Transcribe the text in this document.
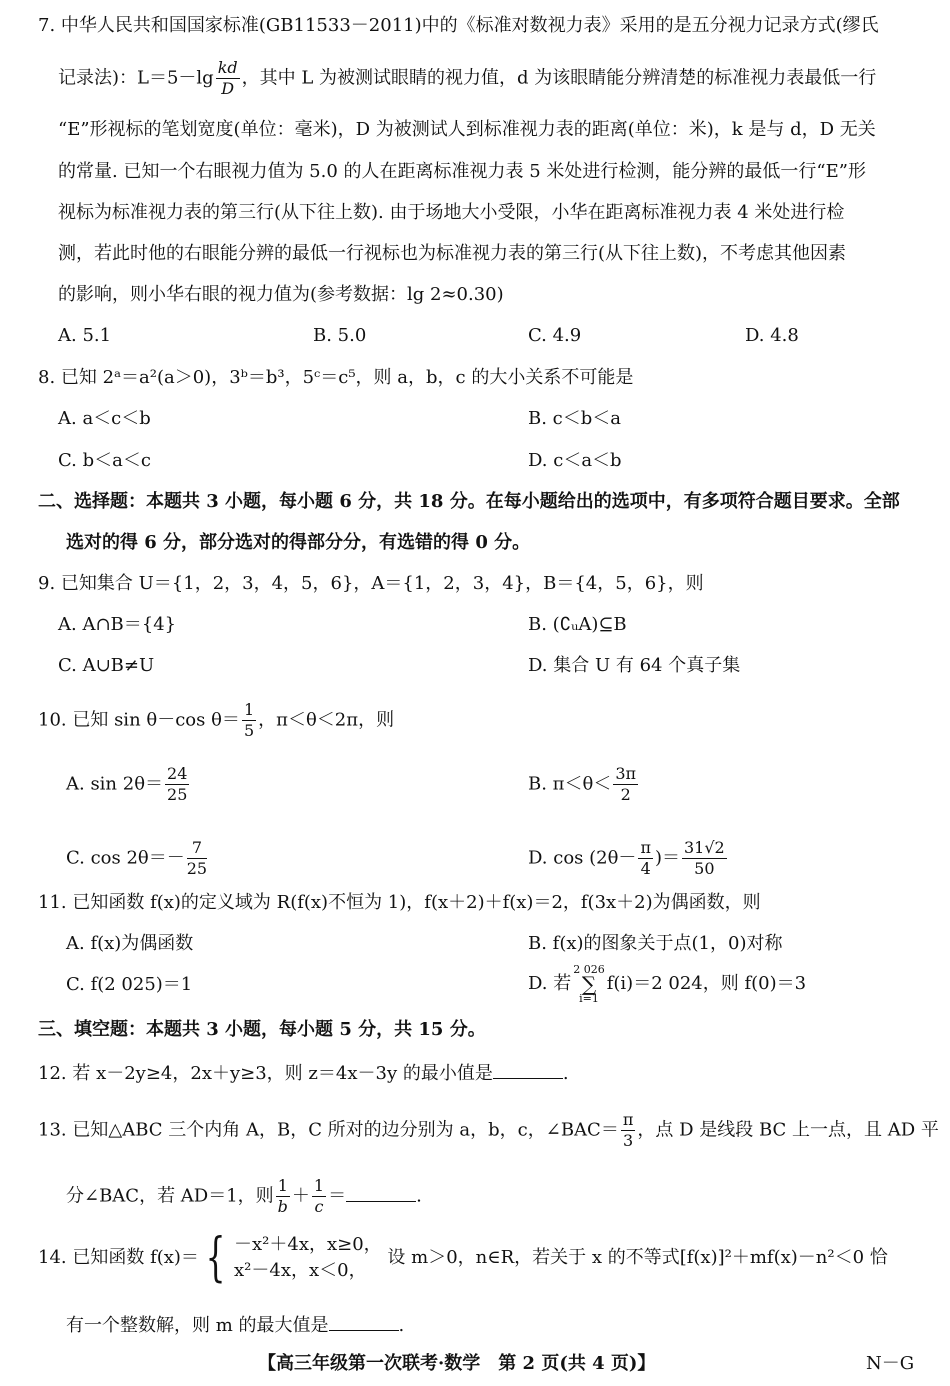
7. 中华人民共和国国家标准(GB11533－2011)中的《标准对数视力表》采用的是五分视力记录方式(缪氏
记录法)：$L=5-\lg \frac{kd}{D}$ ，其中 L 为被测试眼睛的视力值，d 为该眼睛能分辨清楚的标准视力表最低一行
“E”形视标的笔划宽度(单位：毫米)，D 为被测试人到标准视力表的距离(单位：米)，k 是与 d，D 无关
的常量. 已知一个右眼视力值为 5.0 的人在距离标准视力表 5 米处进行检测，能分辨的最低一行“E”形
视标为标准视力表的第三行(从下往上数). 由于场地大小受限，小华在距离标准视力表 4 米处进行检
测，若此时他的右眼能分辨的最低一行视标也为标准视力表的第三行(从下往上数)，不考虑其他因素
的影响，则小华右眼的视力值为(参考数据：lg 2≈0.30)
A. 5.1	B. 5.0	C. 4.9	D. 4.8
8. 已知 2ᵃ＝a²(a＞0)，3ᵇ＝b³，5ᶜ＝c⁵，则 a，b，c 的大小关系不可能是
A. a＜c＜b	B. c＜b＜a
C. b＜a＜c	D. c＜a＜b
二、选择题：本题共 3 小题，每小题 6 分，共 18 分。在每小题给出的选项中，有多项符合题目要求。全部
选对的得 6 分，部分选对的得部分分，有选错的得 0 分。
9. 已知集合 U＝{1，2，3，4，5，6}，A＝{1，2，3，4}，B＝{4，5，6}，则
A. A∩B＝{4}	B. (∁ᵤA)⊆B
C. A∪B≠U	D. 集合 U 有 64 个真子集
10. 已知 sin θ－cos $\theta= \frac{1}{5}$ ，π＜θ＜2π，则
A. $\sin 2\theta= \frac{24}{25}$	B. $\pi<\theta< \frac{3\pi}{2}$
C. $\cos 2\theta=- \frac{7}{25}$	D. $\cos (2\theta- \frac{\pi}{4}$ )＝ $\frac{31√2}{50}$
11. 已知函数 f(x)的定义域为 R(f(x)不恒为 1)，f(x＋2)＋f(x)＝2，f(3x＋2)为偶函数，则
A. f(x)为偶函数	B. f(x)的图象关于点(1，0)对称
C. f(2 025)＝1	D. 若2 026
∑
i=1f(i)＝2 024，则 f(0)＝3
三、填空题：本题共 3 小题，每小题 5 分，共 15 分。
12. 若 x－2y≥4，2x＋y≥3，则 z＝4x－3y 的最小值是	.
13. 已知△ABC 三个内角 A，B，C 所对的边分别为 a，b，c，∠BAC＝ $\frac{\pi}{3}$ ，点 D 是线段 BC 上一点，且 AD 平
分∠BAC，若 AD＝1，则 $\frac{1}{b} + \frac{1}{c}$ ＝	.
14. 已知函数 f(x)＝ { －x²＋4x，x≥0，
x²－4x，x＜0，
设 m＞0，n∈R，若关于 x 的不等式[f(x)]²＋mf(x)－n²＜0 恰
有一个整数解，则 m 的最大值是	.
【高三年级第一次联考·数学　第 2 页(共 4 页)】	N－G
